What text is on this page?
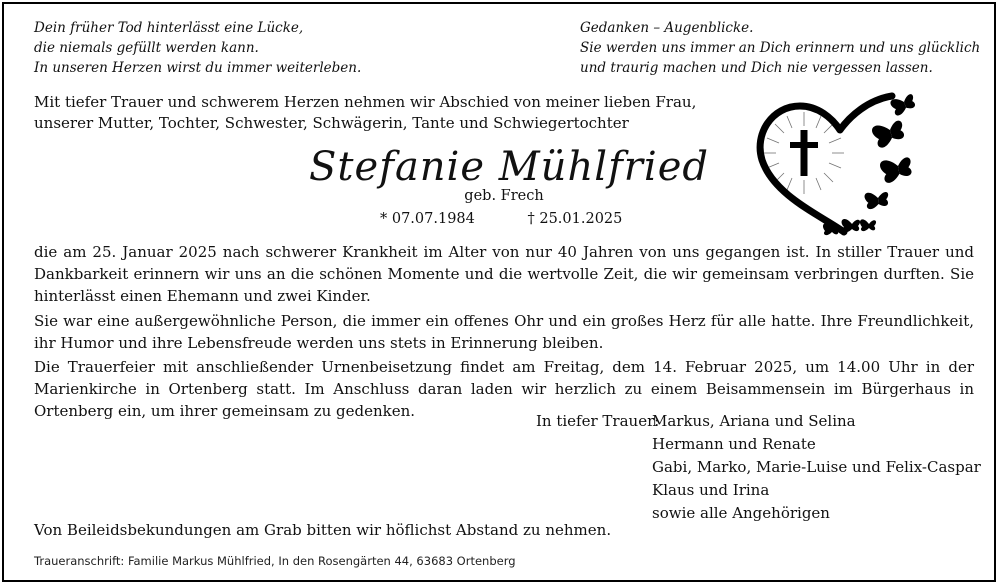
Dein früher Tod hinterlässt eine Lücke,
die niemals gefüllt werden kann.
In unseren Herzen wirst du immer weiterleben.
Gedanken – Augenblicke.
Sie werden uns immer an Dich erinnern und uns glücklich
und traurig machen und Dich nie vergessen lassen.
Mit tiefer Trauer und schwerem Herzen nehmen wir Abschied von meiner lieben Frau,
unserer Mutter, Tochter, Schwester, Schwägerin, Tante und Schwiegertochter
Stefanie Mühlfried
geb. Frech
* 07.07.1984	† 25.01.2025
die am 25. Januar 2025 nach schwerer Krankheit im Alter von nur 40 Jahren von uns gegangen ist. In stiller Trauer und Dankbarkeit erinnern wir uns an die schönen Momente und die wertvolle Zeit, die wir gemeinsam verbringen durften. Sie hinterlässt einen Ehemann und zwei Kinder.
Sie war eine außergewöhnliche Person, die immer ein offenes Ohr und ein großes Herz für alle hatte. Ihre Freundlichkeit, ihr Humor und ihre Lebensfreude werden uns stets in Erinnerung bleiben.
Die Trauerfeier mit anschließender Urnenbeisetzung findet am Freitag, dem 14. Februar 2025, um 14.00 Uhr in der Marienkirche in Ortenberg statt. Im Anschluss daran laden wir herzlich zu einem Beisammensein im Bürgerhaus in Ortenberg ein, um ihrer gemeinsam zu gedenken.
In tiefer Trauer:
Markus, Ariana und Selina
Hermann und Renate
Gabi, Marko, Marie-Luise und Felix-Caspar
Klaus und Irina
sowie alle Angehörigen
Von Beileidsbekundungen am Grab bitten wir höflichst Abstand zu nehmen.
Traueranschrift: Familie Markus Mühlfried, In den Rosengärten 44, 63683 Ortenberg
